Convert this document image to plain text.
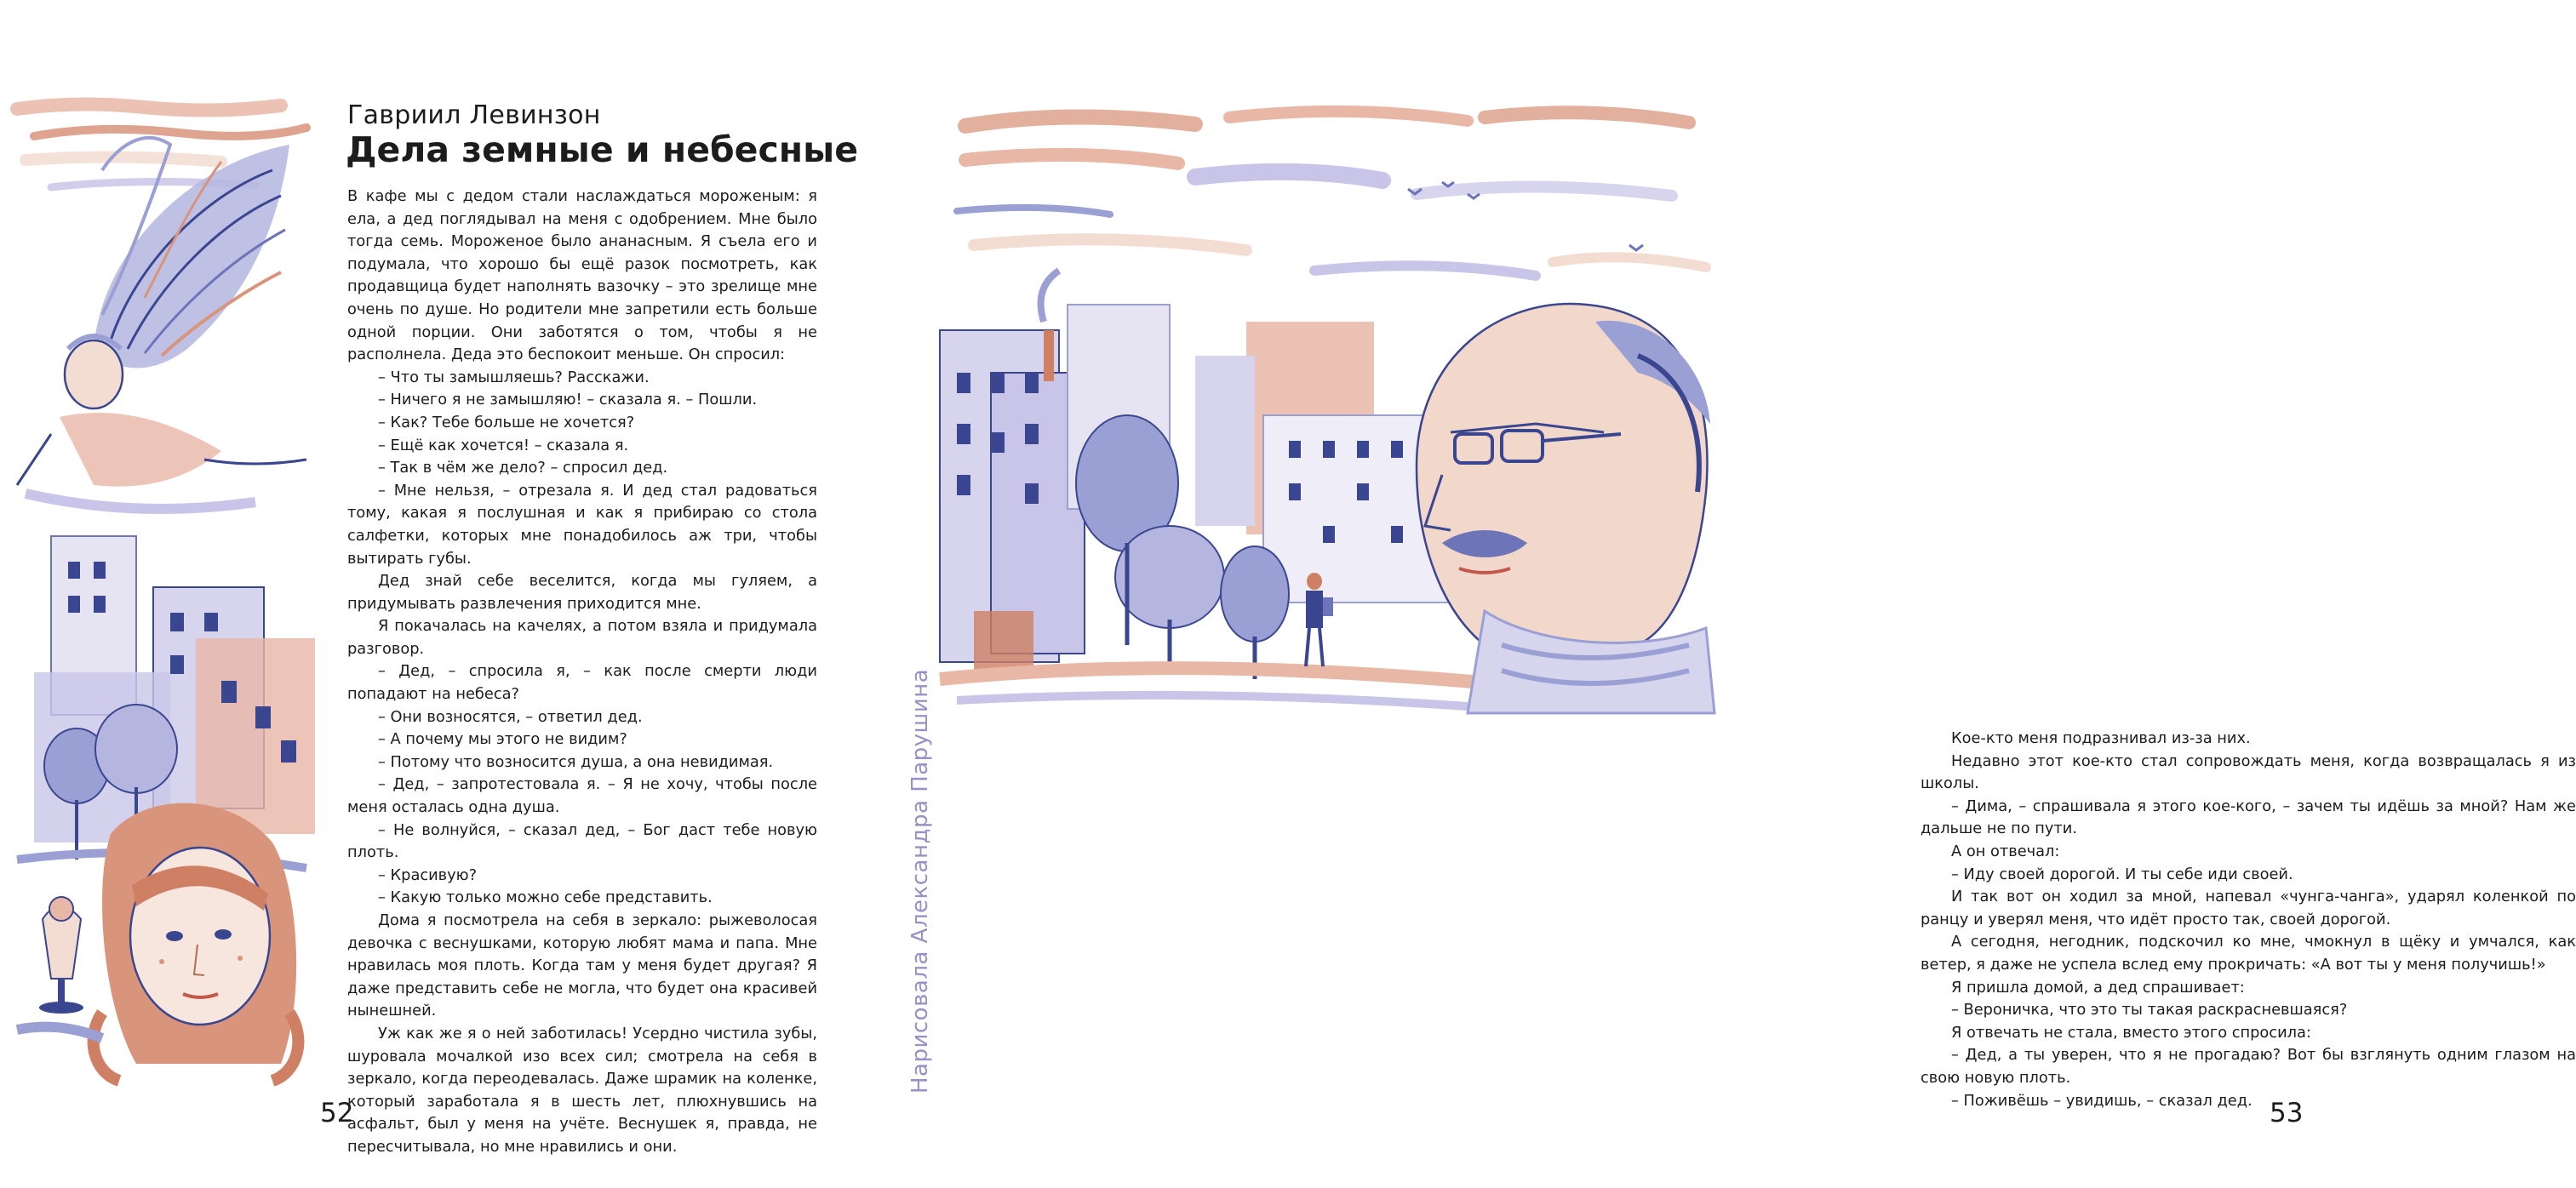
Гавриил Левинзон
Дела земные и небесные

В кафе мы с дедом стали наслаждаться мороженым: я ела, а дед поглядывал на меня с одобрением. Мне было тогда семь. Мороженое было ананасным. Я съела его и подумала, что хорошо бы ещё разок посмотреть, как продавщица будет наполнять вазочку – это зрелище мне очень по душе. Но родители мне запретили есть больше одной порции. Они заботятся о том, чтобы я не располнела. Деда это беспокоит меньше. Он спросил:

– Что ты замышляешь? Расскажи.

– Ничего я не замышляю! – сказала я. – Пошли.

– Как? Тебе больше не хочется?

– Ещё как хочется! – сказала я.

– Так в чём же дело? – спросил дед.

– Мне нельзя, – отрезала я. И дед стал радоваться тому, какая я послушная и как я прибираю со стола салфетки, которых мне понадобилось аж три, чтобы вытирать губы.

Дед знай себе веселится, когда мы гуляем, а придумывать развлечения приходится мне.

Я покачалась на качелях, а потом взяла и придумала разговор.

– Дед, – спросила я, – как после смерти люди попадают на небеса?

– Они возносятся, – ответил дед.

– А почему мы этого не видим?

– Потому что возносится душа, а она невидимая.

– Дед, – запротестовала я. – Я не хочу, чтобы после меня осталась одна душа.

– Не волнуйся, – сказал дед, – Бог даст тебе новую плоть.

– Красивую?

– Какую только можно себе представить.

Дома я посмотрела на себя в зеркало: рыжеволосая девочка с веснушками, которую любят мама и папа. Мне нравилась моя плоть. Когда там у меня будет другая? Я даже представить себе не могла, что будет она красивей нынешней.

Уж как же я о ней заботилась! Усердно чистила зубы, шуровала мочалкой изо всех сил; смотрела на себя в зеркало, когда переодевалась. Даже шрамик на коленке, который заработала я в шесть лет, плюхнувшись на асфальт, был у меня на учёте. Веснушек я, правда, не пересчитывала, но мне нравились и они.

52

Кое-кто меня подразнивал из-за них.

Недавно этот кое-кто стал сопровождать меня, когда возвращалась я из школы.

– Дима, – спрашивала я этого кое-кого, – зачем ты идёшь за мной? Нам же дальше не по пути.

А он отвечал:

– Иду своей дорогой. И ты себе иди своей.

И так вот он ходил за мной, напевал «чунга-чанга», ударял коленкой по ранцу и уверял меня, что идёт просто так, своей дорогой.

А сегодня, негодник, подскочил ко мне, чмокнул в щёку и умчался, как ветер, я даже не успела вслед ему прокричать: «А вот ты у меня получишь!»

Я пришла домой, а дед спрашивает:

– Вероничка, что это ты такая раскрасневшаяся?

Я отвечать не стала, вместо этого спросила:

– Дед, а ты уверен, что я не прогадаю? Вот бы взглянуть одним глазом на свою новую плоть.

– Поживёшь – увидишь, – сказал дед. 53
Нарисовала Александра Парушина
